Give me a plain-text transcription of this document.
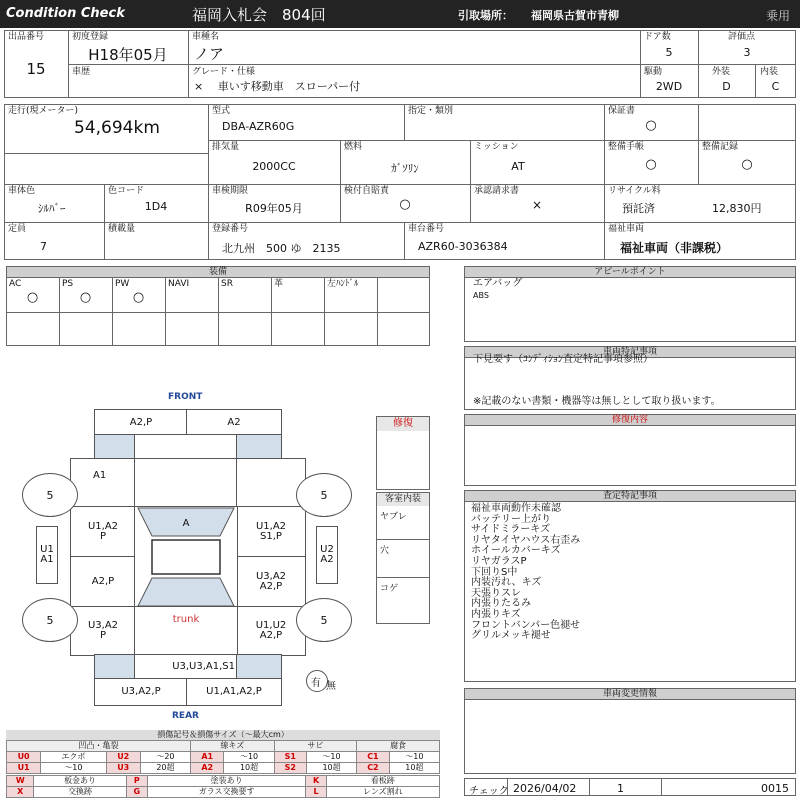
Condition Check	福岡入札会　804回	引取場所： 福岡県古賀市青柳	乗用
出品番号
15
初度登録
H18年05月
車種名
ノア
ドア数
5
評価点
3
車歴	グレード・仕様
× 　車いす移動車　スローパー付
駆動
2WD
外装
D
内装
C
走行(現メーター)
54,694km
型式
DBA-AZR60G
指定・類別	保証書
○
排気量
2000CC
燃料
ｶﾞｿﾘﾝ
ミッション
AT
整備手帳
○
整備記録
○
車体色
ｼﾙﾊﾞｰ
色コード
1D4
車検期限
R09年05月
検付自賠責
○
承認請求書
×
リサイクル料
預託済	12,830円
定員
7
積載量	登録番号
北九州　500 ゆ　2135
車台番号
AZR60-3036384
福祉車両
福祉車両（非課税）
装備
AC
○
PS
○
PW
○
NAVI	SR	革	左ﾊﾝﾄﾞﾙ
アピールポイント
エアバッグ
ABS
車両特記事項
下見要す（ｺﾝﾃﾞｨｼｮﾝ査定特記事項参照）
※記載のない書類・機器等は無しとして取り扱います。
修復内容
査定特記事項
福祉車両動作未確認
バッテリー上がり
サイドミラーキズ
リヤタイヤハウス右歪み
ホイールカバーキズ
リヤガラスP
下回りS中
内装汚れ、キズ
天張りスレ
内張りたるみ
内張りキズ
フロントバンパー色褪せ
グリルメッキ褪せ
車両変更情報
チェック 2026/04/02	1	0015
FRONT
REAR
A2,P	A2
A1
U1,A2
P
U1,A2
S1,P
A2,P	U3,A2
A2,P
U3,A2
P
U1,U2
A2,P
A
trunk
U3,U3,A1,S1
U3,A2,P	U1,A1,A2,P
U1
A1
U2
A2
5	5
5	5
有 無
修復
客室内装
ヤブレ
穴
コゲ
損傷記号＆損傷サイズ（〜最大cm）
凹凸・亀裂				線キズ		サビ		腐食	
U0	エクボ	U2	〜20	A1	〜10	S1	〜10	C1	〜10
U1	〜10	U3	20超	A2	10超	S2	10超	C2	10超
W	板金あり	P	塗装あり	K	看板跡
X	交換跡	G	ガラス交換要す	L	レンズ割れ
